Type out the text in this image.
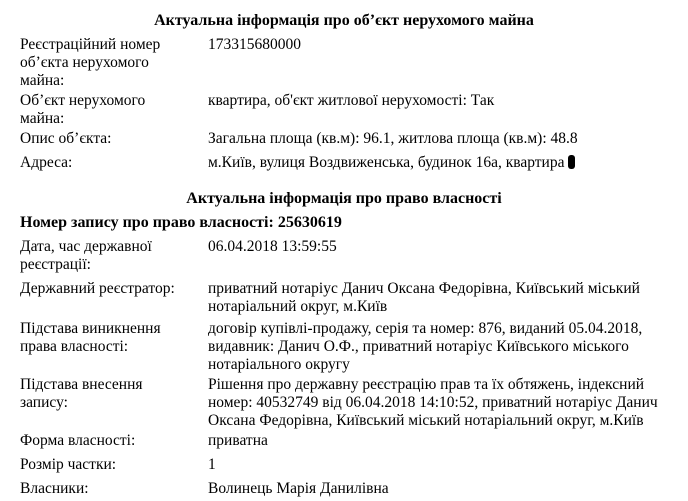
Актуальна інформація про об’єкт нерухомого майна
Реєстраційний номер об’єкта нерухомого майна:
173315680000
Об’єкт нерухомого майна:
квартира, об'єкт житлової нерухомості: Так
Опис об’єкта:	Загальна площа (кв.м): 96.1, житлова площа (кв.м): 48.8
Адреса:	м.Київ, вулиця Воздвиженська, будинок 16а, квартира
Актуальна інформація про право власності
Номер запису про право власності: 25630619
Дата, час державної реєстрації:
06.04.2018 13:59:55
Державний реєстратор:	приватний нотаріус Данич Оксана Федорівна, Київський міський нотаріальний округ, м.Київ
Підстава виникнення права власності:
договір купівлі-продажу, серія та номер: 876, виданий 05.04.2018, видавник: Данич О.Ф., приватний нотаріус Київського міського нотаріального округу
Підстава внесення запису:
Рішення про державну реєстрацію прав та їх обтяжень, індексний номер: 40532749 від 06.04.2018 14:10:52, приватний нотаріус Данич Оксана Федорівна, Київський міський нотаріальний округ, м.Київ
Форма власності:	приватна
Розмір частки:	1
Власники:	Волинець Марія Данилівна
